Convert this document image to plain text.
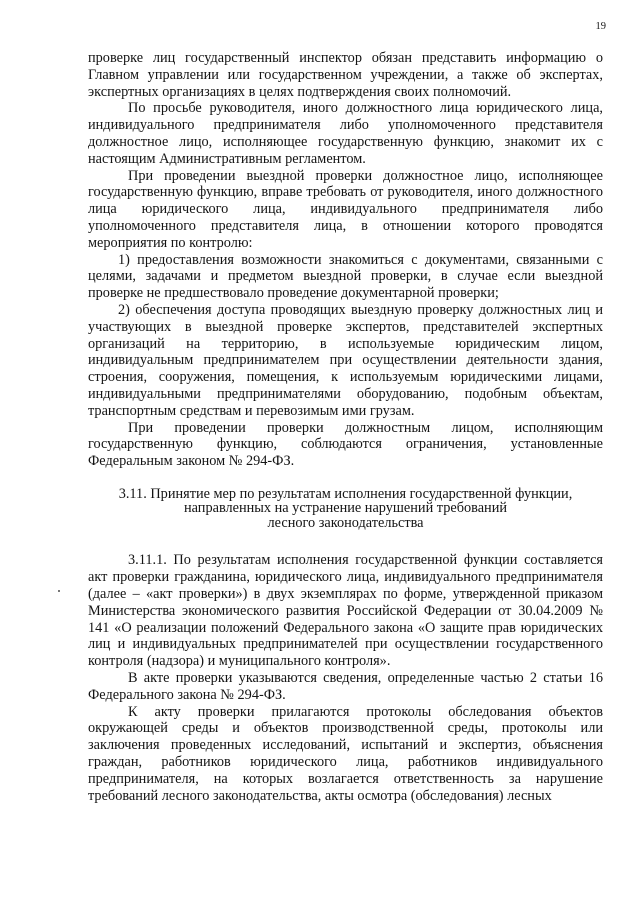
19

проверке лиц государственный инспектор обязан представить информацию о Главном управлении или государственном учреждении, а также об экспертах, экспертных организациях в целях подтверждения своих полномочий.

По просьбе руководителя, иного должностного лица юридического лица, индивидуального предпринимателя либо уполномоченного представителя должностное лицо, исполняющее государственную функцию, знакомит их с настоящим Административным регламентом.

При проведении выездной проверки должностное лицо, исполняющее государственную функцию, вправе требовать от руководителя, иного должностного лица юридического лица, индивидуального предпринимателя либо уполномоченного представителя лица, в отношении которого проводятся мероприятия по контролю:

1) предоставления возможности знакомиться с документами, связанными с целями, задачами и предметом выездной проверки, в случае если выездной проверке не предшествовало проведение документарной проверки;

2) обеспечения доступа проводящих выездную проверку должностных лиц и участвующих в выездной проверке экспертов, представителей экспертных организаций на территорию, в используемые юридическим лицом, индивидуальным предпринимателем при осуществлении деятельности здания, строения, сооружения, помещения, к используемым юридическими лицами, индивидуальными предпринимателями оборудованию, подобным объектам, транспортным средствам и перевозимым ими грузам.

При проведении проверки должностным лицом, исполняющим государственную функцию, соблюдаются ограничения, установленные Федеральным законом № 294-ФЗ.

3.11. Принятие мер по результатам исполнения государственной функции,
направленных на устранение нарушений требований
лесного законодательства

3.11.1. По результатам исполнения государственной функции составляется акт проверки гражданина, юридического лица, индивидуального предпринимателя (далее – «акт проверки») в двух экземплярах по форме, утвержденной приказом Министерства экономического развития Российской Федерации от 30.04.2009 № 141 «О реализации положений Федерального закона «О защите прав юридических лиц и индивидуальных предпринимателей при осуществлении государственного контроля (надзора) и муниципального контроля».

В акте проверки указываются сведения, определенные частью 2 статьи 16 Федерального закона № 294-ФЗ.

К акту проверки прилагаются протоколы обследования объектов окружающей среды и объектов производственной среды, протоколы или заключения проведенных исследований, испытаний и экспертиз, объяснения граждан, работников юридического лица, работников индивидуального предпринимателя, на которых возлагается ответственность за нарушение требований лесного законодательства, акты осмотра (обследования) лесных
